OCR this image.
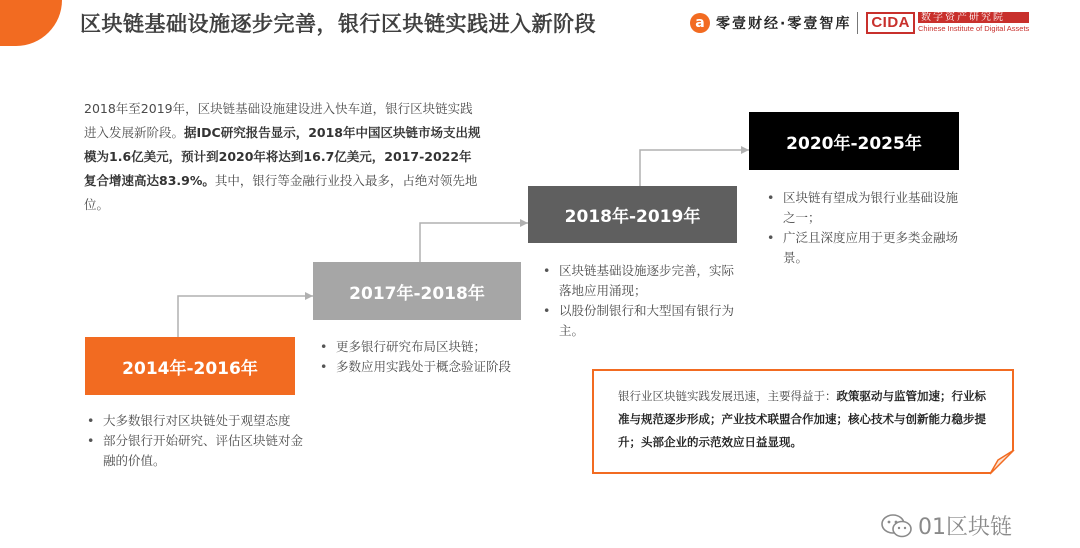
区块链基础设施逐步完善，银行区块链实践进入新阶段	a 零壹财经·零壹智库	CIDA	数字资产研究院
Chinese Institute of Digital Assets
2018年至2019年，区块链基础设施建设进入快车道，银行区块链实践进入发展新阶段。据IDC研究报告显示，2018年中国区块链市场支出规模为1.6亿美元，预计到2020年将达到16.7亿美元，2017-2022年复合增速高达83.9%。其中，银行等金融行业投入最多，占绝对领先地位。
2014年-2016年
2017年-2018年
2018年-2019年
2020年-2025年
• 大多数银行对区块链处于观望态度
• 部分银行开始研究、评估区块链对金融的价值。
• 更多银行研究布局区块链；
• 多数应用实践处于概念验证阶段
• 区块链基础设施逐步完善，实际落地应用涌现；
• 以股份制银行和大型国有银行为主。
• 区块链有望成为银行业基础设施之一；
• 广泛且深度应用于更多类金融场景。
银行业区块链实践发展迅速，主要得益于：政策驱动与监管加速；行业标准与规范逐步形成；产业技术联盟合作加速；核心技术与创新能力稳步提升；头部企业的示范效应日益显现。
01区块链
